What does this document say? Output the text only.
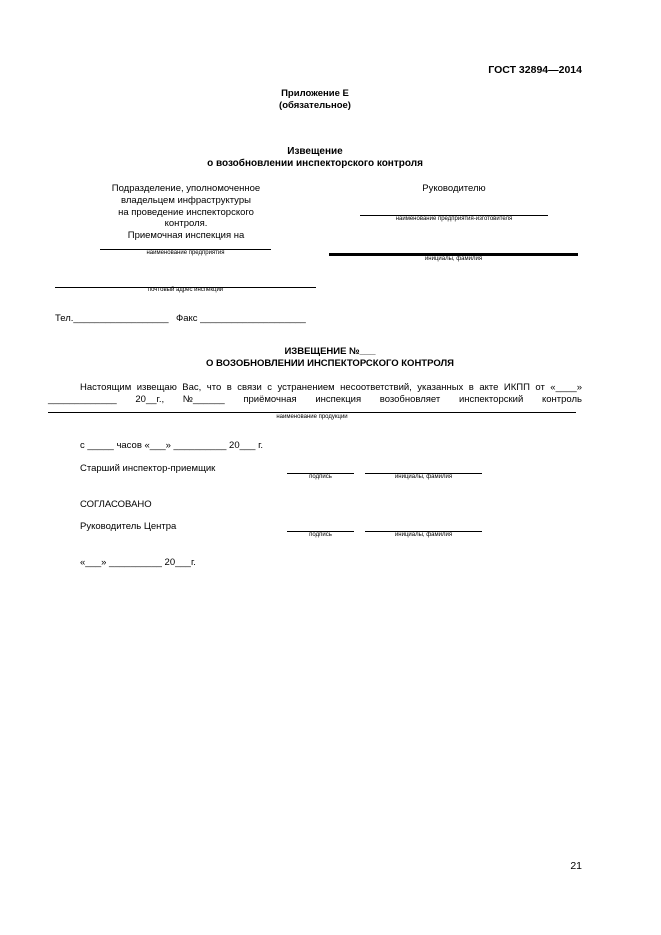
ГОСТ 32894—2014
Приложение Е
(обязательное)
Извещение
о возобновлении инспекторского контроля
Подразделение, уполномоченное
владельцем инфраструктуры
на проведение инспекторского
контроля.
Приемочная инспекция на
наименование предприятия
почтовый адрес инспекции
Руководителю
наименование предприятия-изготовителя
инициалы, фамилия
Тел.__________________ Факс ____________________
ИЗВЕЩЕНИЕ №___
О ВОЗОБНОВЛЕНИИ ИНСПЕКТОРСКОГО КОНТРОЛЯ
Настоящим извещаю Вас, что в связи с устранением несоответствий, указанных в акте ИКПП от «____»
_____________ 20__г., №______ приёмочная инспекция возобновляет инспекторский контроль
наименование продукции
с _____ часов «___» __________ 20___ г.
Старший инспектор-приемщик
подпись	инициалы, фамилия
СОГЛАСОВАНО
Руководитель Центра
подпись	инициалы, фамилия
«___» __________ 20___г.
21
